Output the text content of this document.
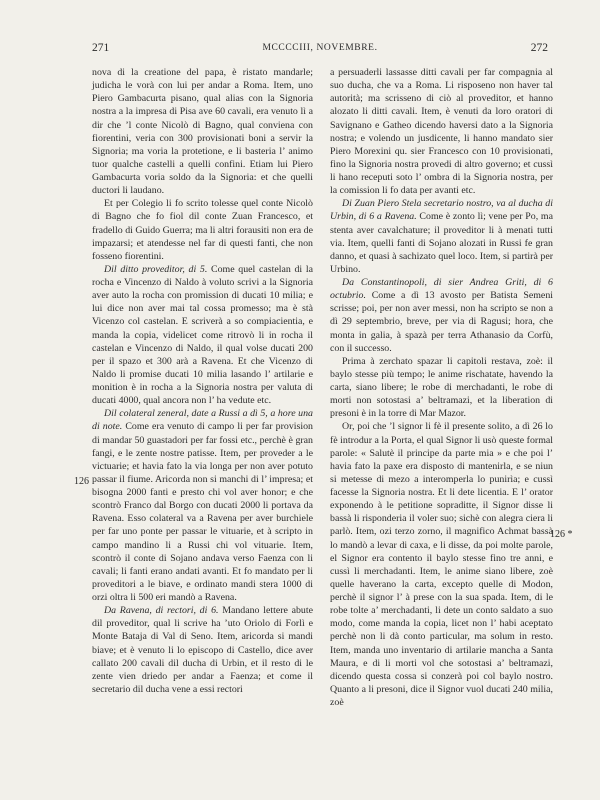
271	MCCCCIII, NOVEMBRE.	272
126
126 *

nova di la creatione del papa, è ristato mandarle; judicha le vorà con lui per andar a Roma. Item, uno Piero Gambacurta pisano, qual alias con la Signoria nostra a la impresa di Pisa ave 60 cavali, era venuto lì a dir che ’l conte Nicolò di Bagno, qual conviena con fiorentini, veria con 300 provisionati boni a servir la Signoria; ma voria la protetione, e li basteria l’ animo tuor qualche castelli a quelli confini. Etiam lui Piero Gambacurta voria soldo da la Signoria: et che quelli ductori li laudano.

Et per Colegio li fo scrito tolesse quel conte Nicolò di Bagno che fo fiol dil conte Zuan Francesco, et fradello di Guido Guerra; ma li altri forausiti non era de impazarsi; et atendesse nel far di questi fanti, che non fosseno fiorentini.

Dil ditto proveditor, di 5. Come quel castelan di la rocha e Vincenzo di Naldo à voluto scrivi a la Signoria aver auto la rocha con promission di ducati 10 milia; e lui dice non aver mai tal cossa promesso; ma è stà Vicenzo col castelan. E scriverà a so compiacientia, e manda la copia, videlicet come ritrovò li in rocha il castelan e Vincenzo di Naldo, il qual volse ducati 200 per il spazo et 300 arà a Ravena. Et che Vicenzo di Naldo li promise ducati 10 milia lasando l’ artilarie e monition è in rocha a la Signoria nostra per valuta di ducati 4000, qual ancora non l’ ha vedute etc.

Dil colateral zeneral, date a Russi a dì 5, a hore una di note. Come era venuto di campo li per far provision di mandar 50 guastadori per far fossi etc., perchè è gran fangi, e le zente nostre patisse. Item, per proveder a le victuarie; et havia fato la via longa per non aver potuto passar il fiume. Aricorda non si manchi di l’ impresa; et bisogna 2000 fanti e presto chi vol aver honor; e che scontrò Franco dal Borgo con ducati 2000 li portava da Ravena. Esso colateral va a Ravena per aver burchiele per far uno ponte per passar le vituarie, et à scripto in campo mandino li a Russi chi vol vituarie. Item, scontrò il conte di Sojano andava verso Faenza con li cavali; li fanti erano andati avanti. Et fo mandato per li proveditori a le biave, e ordinato mandi stera 1000 di orzi oltra li 500 eri mandò a Ravena.

Da Ravena, di rectori, di 6. Mandano lettere abute dil proveditor, qual li scrive ha ’uto Oriolo di Forlì e Monte Bataja di Val di Seno. Item, aricorda si mandi biave; et è venuto li lo episcopo di Castello, dice aver callato 200 cavali dil ducha di Urbin, et il resto di le zente vien driedo per andar a Faenza; et come il secretario dil ducha vene a essi rectori

a persuaderli lassasse ditti cavali per far compagnia al suo ducha, che va a Roma. Li risposeno non haver tal autorità; ma scrisseno di ciò al proveditor, et hanno alozato li ditti cavali. Item, è venuti da loro oratori di Savignano e Gatheo dicendo haversi dato a la Signoria nostra; e volendo un jusdicente, li hanno mandato sier Piero Morexini qu. sier Francesco con 10 provisionati, fino la Signoria nostra provedi di altro governo; et cussì li hano receputi soto l’ ombra di la Signoria nostra, per la comission li fo data per avanti etc.

Di Zuan Piero Stela secretario nostro, va al ducha di Urbin, di 6 a Ravena. Come è zonto lì; vene per Po, ma stenta aver cavalchature; il proveditor li à menati tutti via. Item, quelli fanti di Sojano alozati in Russi fe gran danno, et quasi à sachizato quel loco. Item, si partirà per Urbino.

Da Constantinopoli, di sier Andrea Griti, di 6 octubrio. Come a dì 13 avosto per Batista Semeni scrisse; poi, per non aver messi, non ha scripto se non a dì 29 septembrio, breve, per via di Ragusi; hora, che monta in galia, à spazà per terra Athanasio da Corfù, con il successo.

Prima à zerchato spazar li capitoli restava, zoè: il baylo stesse più tempo; le anime rischatate, havendo la carta, siano libere; le robe di merchadanti, le robe di morti non sotostasi a’ beltramazi, et la liberation di presoni è in la torre di Mar Mazor.

Or, poi che ’l signor li fè il presente solito, a dì 26 lo fè introdur a la Porta, el qual Signor li usò queste formal parole: « Salutè il principe da parte mia » e che poi l’ havia fato la paxe era disposto di mantenirla, e se niun si metesse di mezo a interomperla lo punirìa; e cussì facesse la Signoria nostra. Et li dete licentia. E l’ orator exponendo à le petitione sopraditte, il Signor disse li bassà li risponderia il voler suo; sichè con alegra ciera li parlò. Item, ozi terzo zorno, il magnifico Achmat bassà lo mandò a levar di caxa, e li disse, da poi molte parole, el Signor era contento il baylo stesse fino tre anni, e cussì li merchadanti. Item, le anime siano libere, zoè quelle haverano la carta, excepto quelle di Modon, perchè il signor l’ à prese con la sua spada. Item, di le robe tolte a’ merchadanti, li dete un conto saldato a suo modo, come manda la copia, licet non l’ habi aceptato perchè non li dà conto particular, ma solum in resto. Item, manda uno inventario di artilarie mancha a Santa Maura, e di li morti vol che sotostasi a’ beltramazi, dicendo questa cossa si conzerà poi col baylo nostro. Quanto a li presoni, dice il Signor vuol ducati 240 milia, zoè
